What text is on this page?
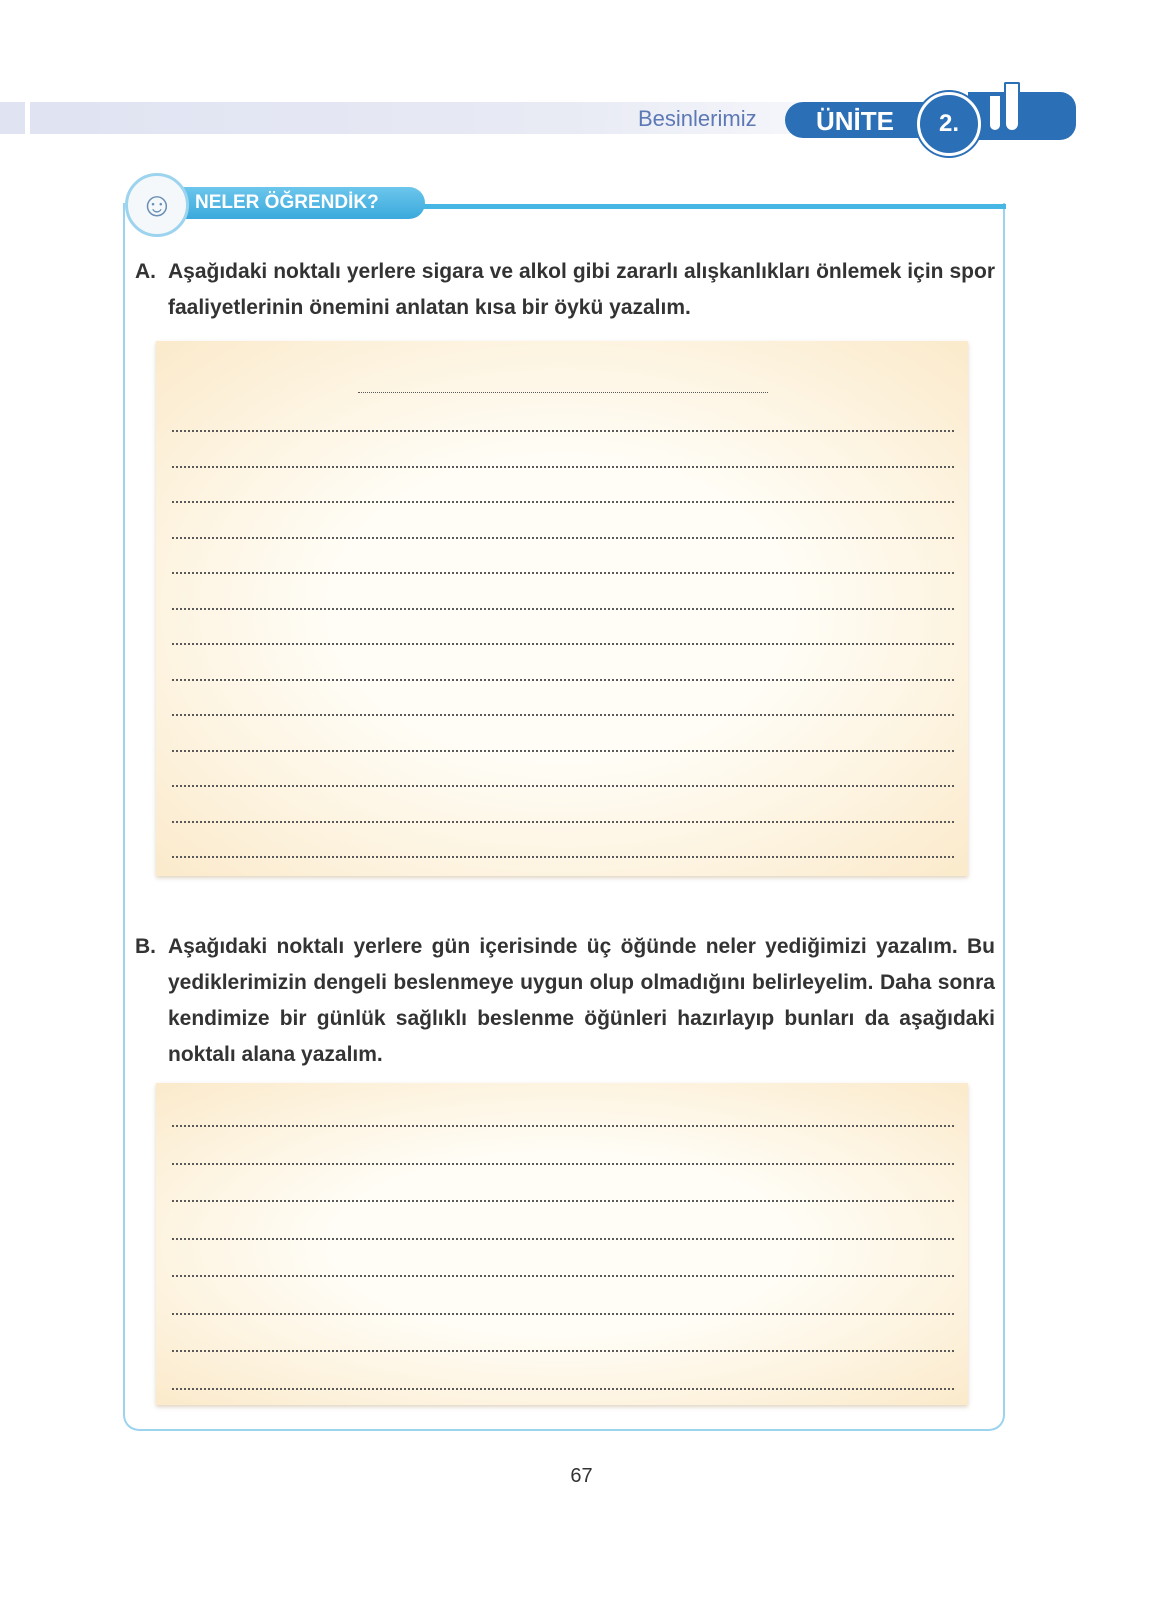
Besinlerimiz	ÜNİTE	2.
NELER ÖĞRENDİK?
☺
A. Aşağıdaki noktalı yerlere sigara ve alkol gibi zararlı alışkanlıkları önlemek için spor faaliyetlerinin önemini anlatan kısa bir öykü yazalım.
B. Aşağıdaki noktalı yerlere gün içerisinde üç öğünde neler yediğimizi yazalım. Bu yediklerimizin dengeli beslenmeye uygun olup olmadığını belirleyelim. Daha sonra kendimize bir günlük sağlıklı beslenme öğünleri hazırlayıp bunları da aşağıdaki noktalı alana yazalım.
67
